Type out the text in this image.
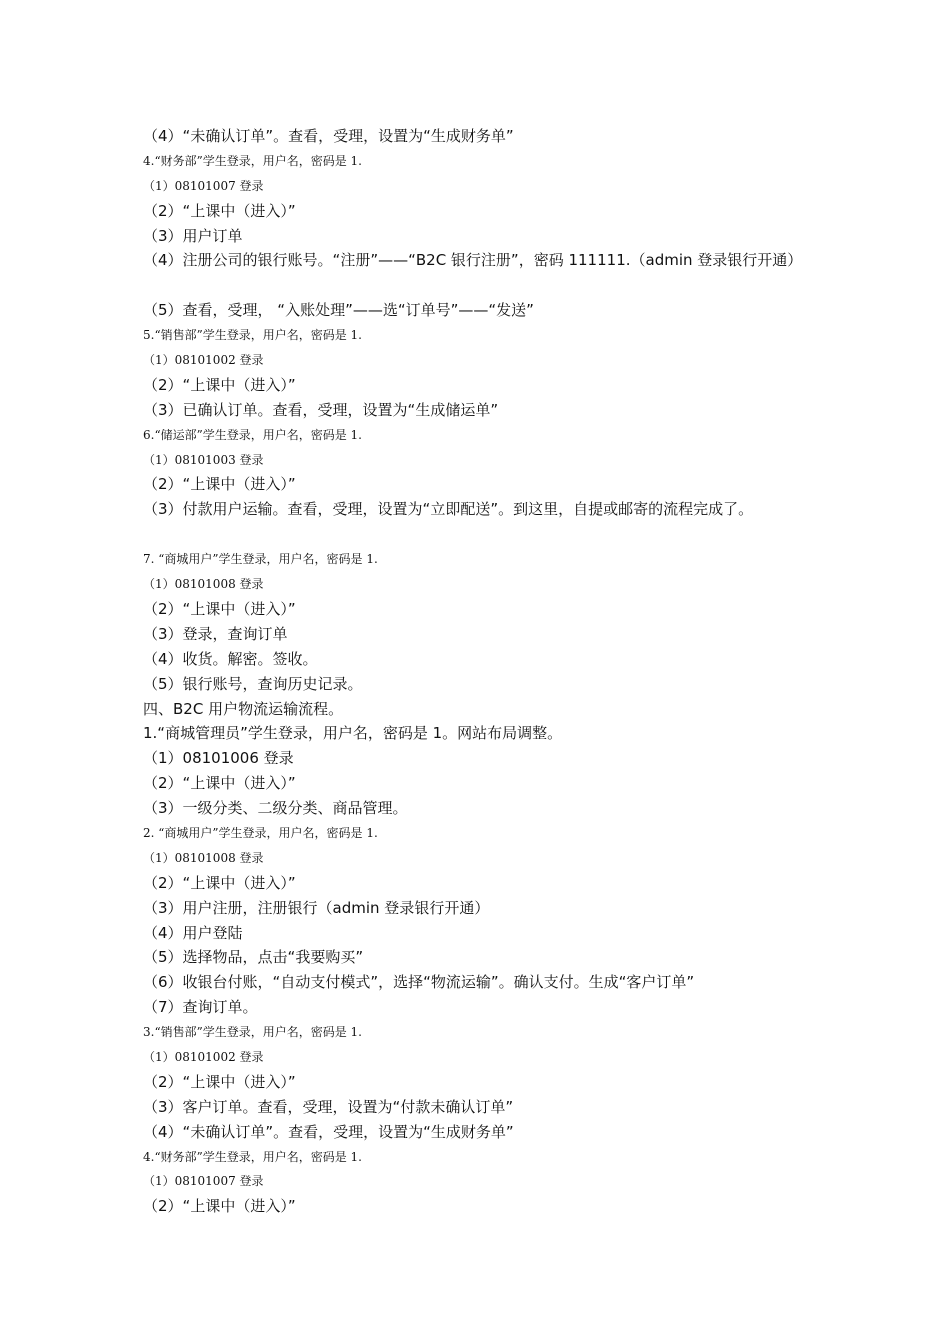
（4）“未确认订单”。查看，受理，设置为“生成财务单”
4.“财务部”学生登录，用户名，密码是 1.
（1）08101007 登录
（2）“上课中（进入）”
（3）用户订单
（4）注册公司的银行账号。“注册”——“B2C 银行注册”，密码 111111.（admin 登录银行开通）
（5）查看，受理， “入账处理”——选“订单号”——“发送”
5.“销售部”学生登录，用户名，密码是 1.
（1）08101002 登录
（2）“上课中（进入）”
（3）已确认订单。查看，受理，设置为“生成储运单”
6.“储运部”学生登录，用户名，密码是 1.
（1）08101003 登录
（2）“上课中（进入）”
（3）付款用户运输。查看，受理，设置为“立即配送”。到这里，自提或邮寄的流程完成了。
7. “商城用户”学生登录，用户名，密码是 1.
（1）08101008 登录
（2）“上课中（进入）”
（3）登录，查询订单
（4）收货。解密。签收。
（5）银行账号，查询历史记录。
四、B2C 用户物流运输流程。
1.“商城管理员”学生登录，用户名，密码是 1。网站布局调整。
（1）08101006 登录
（2）“上课中（进入）”
（3）一级分类、二级分类、商品管理。
2. “商城用户”学生登录，用户名，密码是 1.
（1）08101008 登录
（2）“上课中（进入）”
（3）用户注册，注册银行（admin 登录银行开通）
（4）用户登陆
（5）选择物品，点击“我要购买”
（6）收银台付账，“自动支付模式”，选择“物流运输”。确认支付。生成“客户订单”
（7）查询订单。
3.“销售部”学生登录，用户名，密码是 1.
（1）08101002 登录
（2）“上课中（进入）”
（3）客户订单。查看，受理，设置为“付款未确认订单”
（4）“未确认订单”。查看，受理，设置为“生成财务单”
4.“财务部”学生登录，用户名，密码是 1.
（1）08101007 登录
（2）“上课中（进入）”
